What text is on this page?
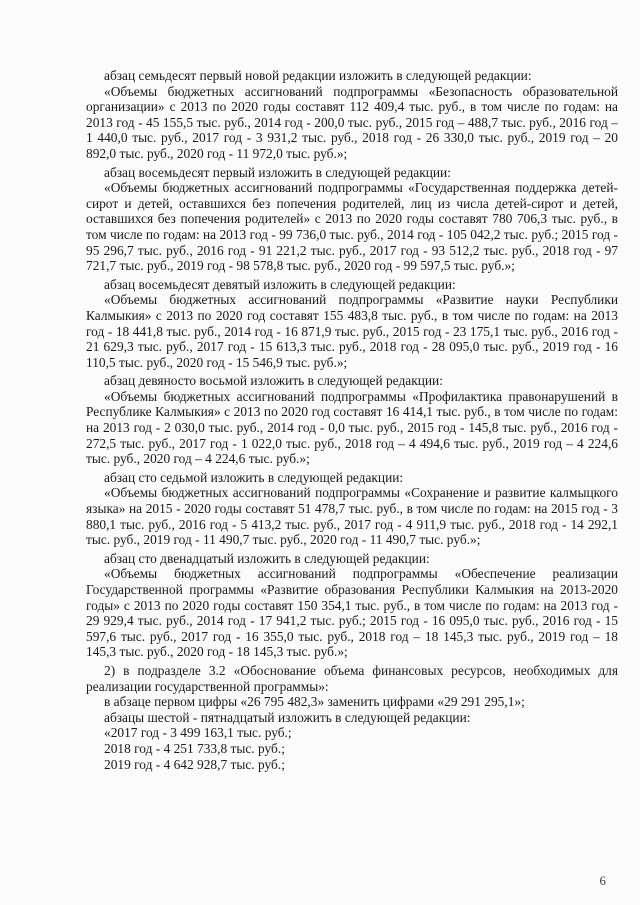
абзац семьдесят первый новой редакции изложить в следующей редакции:

«Объемы бюджетных ассигнований подпрограммы «Безопасность образовательной организации» с 2013 по 2020 годы составят 112 409,4 тыс. руб., в том числе по годам: на 2013 год - 45 155,5 тыс. руб., 2014 год - 200,0 тыс. руб., 2015 год – 488,7 тыс. руб., 2016 год – 1 440,0 тыс. руб., 2017 год - 3 931,2 тыс. руб., 2018 год - 26 330,0 тыс. руб., 2019 год – 20 892,0 тыс. руб., 2020 год - 11 972,0 тыс. руб.»;

абзац восемьдесят первый изложить в следующей редакции:

«Объемы бюджетных ассигнований подпрограммы «Государственная поддержка детей-сирот и детей, оставшихся без попечения родителей, лиц из числа детей-сирот и детей, оставшихся без попечения родителей» с 2013 по 2020 годы составят 780 706,3 тыс. руб., в том числе по годам: на 2013 год - 99 736,0 тыс. руб., 2014 год - 105 042,2 тыс. руб.; 2015 год - 95 296,7 тыс. руб., 2016 год - 91 221,2 тыс. руб., 2017 год - 93 512,2 тыс. руб., 2018 год - 97 721,7 тыс. руб., 2019 год - 98 578,8 тыс. руб., 2020 год - 99 597,5 тыс. руб.»;

абзац восемьдесят девятый изложить в следующей редакции:

«Объемы бюджетных ассигнований подпрограммы «Развитие науки Республики Калмыкия» с 2013 по 2020 год составят 155 483,8 тыс. руб., в том числе по годам: на 2013 год - 18 441,8 тыс. руб., 2014 год - 16 871,9 тыс. руб., 2015 год - 23 175,1 тыс. руб., 2016 год - 21 629,3 тыс. руб., 2017 год - 15 613,3 тыс. руб., 2018 год - 28 095,0 тыс. руб., 2019 год - 16 110,5 тыс. руб., 2020 год - 15 546,9 тыс. руб.»;

абзац девяносто восьмой изложить в следующей редакции:

«Объемы бюджетных ассигнований подпрограммы «Профилактика правонарушений в Республике Калмыкия» с 2013 по 2020 год составят 16 414,1 тыс. руб., в том числе по годам: на 2013 год - 2 030,0 тыс. руб., 2014 год - 0,0 тыс. руб., 2015 год - 145,8 тыс. руб., 2016 год - 272,5 тыс. руб., 2017 год - 1 022,0 тыс. руб., 2018 год – 4 494,6 тыс. руб., 2019 год – 4 224,6 тыс. руб., 2020 год – 4 224,6 тыс. руб.»;

абзац сто седьмой изложить в следующей редакции:

«Объемы бюджетных ассигнований подпрограммы «Сохранение и развитие калмыцкого языка» на 2015 - 2020 годы составят 51 478,7 тыс. руб., в том числе по годам: на 2015 год - 3 880,1 тыс. руб., 2016 год - 5 413,2 тыс. руб., 2017 год - 4 911,9 тыс. руб., 2018 год - 14 292,1 тыс. руб., 2019 год - 11 490,7 тыс. руб., 2020 год - 11 490,7 тыс. руб.»;

абзац сто двенадцатый изложить в следующей редакции:

«Объемы бюджетных ассигнований подпрограммы «Обеспечение реализации Государственной программы «Развитие образования Республики Калмыкия на 2013-2020 годы» с 2013 по 2020 годы составят 150 354,1 тыс. руб., в том числе по годам: на 2013 год - 29 929,4 тыс. руб., 2014 год - 17 941,2 тыс. руб.; 2015 год - 16 095,0 тыс. руб., 2016 год - 15 597,6 тыс. руб., 2017 год - 16 355,0 тыс. руб., 2018 год – 18 145,3 тыс. руб., 2019 год – 18 145,3 тыс. руб., 2020 год - 18 145,3 тыс. руб.»;

2) в подразделе 3.2 «Обоснование объема финансовых ресурсов, необходимых для реализации государственной программы»:

в абзаце первом цифры «26 795 482,3» заменить цифрами «29 291 295,1»;

абзацы шестой - пятнадцатый изложить в следующей редакции:

«2017 год - 3 499 163,1 тыс. руб.;

2018 год - 4 251 733,8 тыс. руб.;

2019 год - 4 642 928,7 тыс. руб.;

6
